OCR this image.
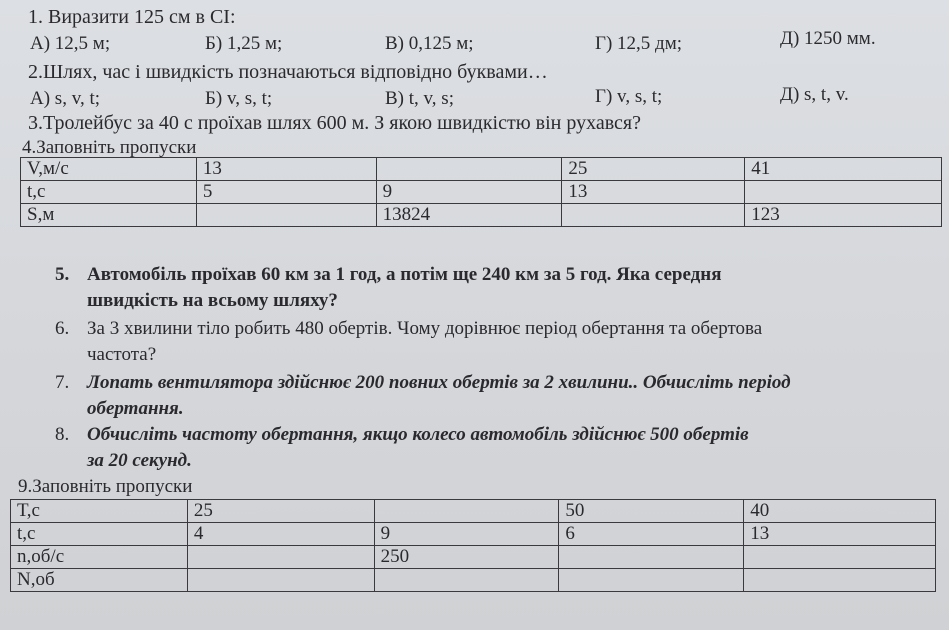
1. Виразити 125 см в СІ:
А) 12,5 м;	Б) 1,25 м;	В) 0,125 м;	Г) 12,5 дм;	Д) 1250 мм.
2.Шлях, час і швидкість позначаються відповідно буквами…
А) s, v, t;	Б) v, s, t;	В) t, v, s;	Г) v, s, t;	Д) s, t, v.
3.Тролейбус за 40 с проїхав шлях 600 м. З якою швидкістю він рухався?
4.Заповніть пропуски
V,м/с	13		25	41
t,с	5	9	13	
S,м		13824		123
5. Автомобіль проїхав 60 км за 1 год, а потім ще 240 км за 5 год. Яка середня
швидкість на всьому шляху?
6. За 3 хвилини тіло робить 480 обертів. Чому дорівнює період обертання та обертова
частота?
7. Лопать вентилятора здійснює 200 повних обертів за 2 хвилини.. Обчисліть період
обертання.
8. Обчисліть частоту обертання, якщо колесо автомобіль здійснює 500 обертів
за 20 секунд.
9.Заповніть пропуски
Т,с	25		50	40
t,с	4	9	6	13
n,об/с		250		
N,об				
